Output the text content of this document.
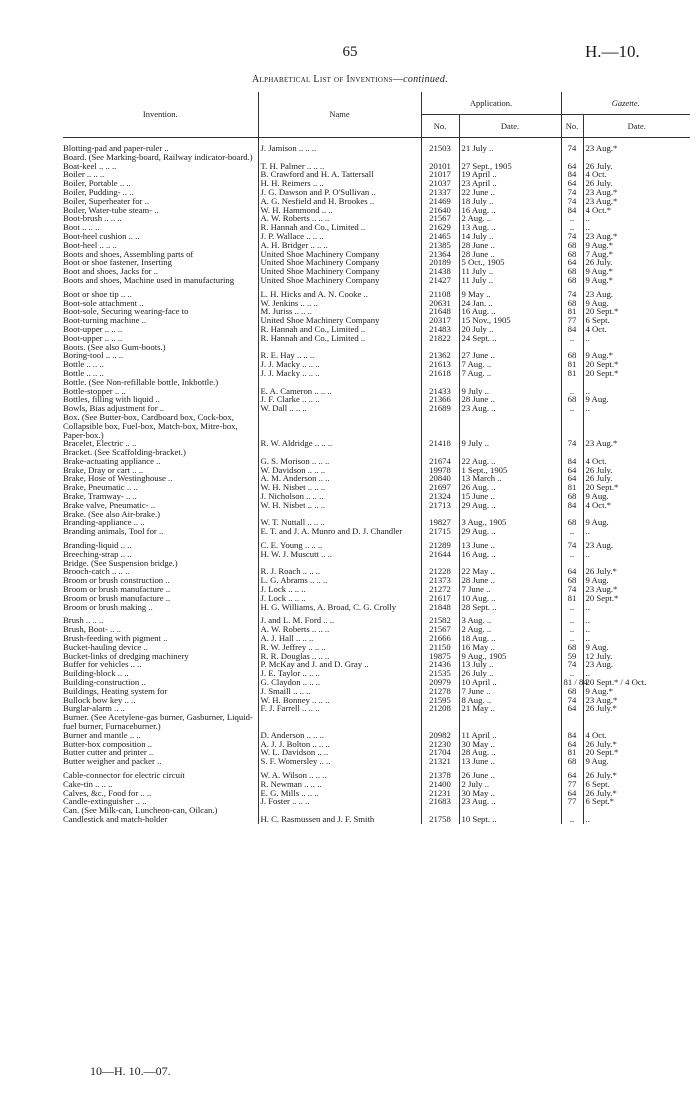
65	H.—10.
Alphabetical List of Inventions—continued.
Invention.	Name	Application.		Gazette.	
		No.	Date.	No.	Date.
Blotting-pad and paper-ruler ..	J. Jamison .. .. ..	21503	21 July ..	74	23 Aug.*
Board. (See Marking-board, Railway indicator-board.)					
Boat-keel .. .. ..	T. H. Palmer .. .. ..	20101	27 Sept., 1905	64	26 July.
Boiler .. .. ..	B. Crawford and H. A. Tattersall	21017	19 April ..	84	4 Oct.
Boiler, Portable .. ..	H. H. Reimers .. ..	21037	23 April ..	64	26 July.
Boiler, Pudding- .. ..	J. G. Dawson and P. O'Sullivan ..	21337	22 June ..	74	23 Aug.*
Boiler, Superheater for ..	A. G. Nesfield and H. Brookes ..	21469	18 July ..	74	23 Aug.*
Boiler, Water-tube steam- ..	W. H. Hammond .. ..	21640	16 Aug. ..	84	4 Oct.*
Boot-brush .. .. ..	A. W. Roberts .. .. ..	21567	2 Aug. ..	..	..
Boot .. .. ..	R. Hannah and Co., Limited ..	21629	13 Aug. ..	..	..
Boot-heel cushion .. ..	J. P. Wallace .. .. ..	21465	14 July ..	74	23 Aug.*
Boot-heel .. .. ..	A. H. Bridger .. .. ..	21385	28 June ..	68	9 Aug.*
Boots and shoes, Assembling parts of	United Shoe Machinery Company	21364	28 June ..	68	7 Aug.*
Boot or shoe fastener, Inserting	United Shoe Machinery Company	20189	5 Oct., 1905	64	26 July.
Boot and shoes, Jacks for ..	United Shoe Machinery Company	21438	11 July ..	68	9 Aug.*
Boots and shoes, Machine used in manufacturing	United Shoe Machinery Company	21427	11 July ..	68	9 Aug.*

Boot or shoe tip .. ..	L. H. Hicks and A. N. Cooke ..	21108	9 May ..	74	23 Aug.
Boot-sole attachment ..	W. Jenkins .. .. ..	20631	24 Jan. ..	68	9 Aug.
Boot-sole, Securing wearing-face to	M. Juriss .. .. ..	21648	16 Aug. ..	81	20 Sept.*
Boot-turning machine ..	United Shoe Machinery Company	20317	15 Nov., 1905	77	6 Sept.
Boot-upper .. .. ..	R. Hannah and Co., Limited ..	21483	20 July ..	84	4 Oct.
Boot-upper .. .. ..	R. Hannah and Co., Limited ..	21822	24 Sept. ..	..	..
Boots. (See also Gum-boots.)					
Boring-tool .. .. ..	R. E. Hay .. .. ..	21362	27 June ..	68	9 Aug.*
Bottle .. .. ..	J. J. Macky .. .. ..	21613	7 Aug. ..	81	20 Sept.*
Bottle .. .. ..	J. J. Macky .. .. ..	21618	7 Aug. ..	81	20 Sept.*
Bottle. (See Non-refillable bottle, Inkbottle.)					
Bottle-stopper .. ..	E. A. Cameron .. .. ..	21433	9 July ..	..	..
Bottles, filling with liquid ..	J. F. Clarke .. .. ..	21366	28 June ..	68	9 Aug.
Bowls, Bias adjustment for ..	W. Dall .. .. ..	21689	23 Aug. ..	..	..
Box. (See Butter-box, Cardboard box, Cock-box, Collapsible box, Fuel-box, Match-box, Mitre-box, Paper-box.)					
Bracelet, Electric .. ..	R. W. Aldridge .. .. ..	21418	9 July ..	74	23 Aug.*
Bracket. (See Scaffolding-bracket.)					
Brake-actuating appliance ..	G. S. Morison .. .. ..	21674	22 Aug. ..	84	4 Oct.
Brake, Dray or cart .. ..	W. Davidson .. .. ..	19978	1 Sept., 1905	64	26 July.
Brake, Hose of Westinghouse ..	A. M. Anderson .. ..	20840	13 March ..	64	26 July.
Brake, Pneumatic .. ..	W. H. Nisbet .. .. ..	21697	26 Aug. ..	81	20 Sept.*
Brake, Tramway- .. ..	J. Nicholson .. .. ..	21324	15 June ..	68	9 Aug.
Brake valve, Pneumatic- ..	W. H. Nisbet .. .. ..	21713	29 Aug. ..	84	4 Oct.*
Brake. (See also Air-brake.)					
Branding-appliance .. ..	W. T. Nuttall .. .. ..	19827	3 Aug., 1905	68	9 Aug.
Branding animals, Tool for ..	E. T. and J. A. Munro and D. J. Chandler	21715	29 Aug. ..	..	..

Branding-liquid .. ..	C. E. Young .. .. ..	21289	13 June ..	74	23 Aug.
Breeching-strap .. ..	H. W. J. Muscutt .. ..	21644	16 Aug. ..	..	..
Bridge. (See Suspension bridge.)					
Brooch-catch .. .. ..	R. J. Roach .. .. ..	21228	22 May ..	64	26 July.*
Broom or brush construction ..	L. G. Abrams .. .. ..	21373	28 June ..	68	9 Aug.
Broom or brush manufacture ..	J. Lock .. .. ..	21272	7 June ..	74	23 Aug.*
Broom or brush manufacture ..	J. Lock .. .. ..	21617	10 Aug. ..	81	20 Sept.*
Broom or brush making ..	H. G. Williams, A. Broad, C. G. Crolly	21848	28 Sept. ..	..	..

Brush .. .. ..	J. and L. M. Ford .. ..	21582	3 Aug. ..	..	..
Brush, Boot- .. ..	A. W. Roberts .. .. ..	21567	2 Aug. ..	..	..
Brush-feeding with pigment ..	A. J. Hall .. .. ..	21666	18 Aug. ..	..	..
Bucket-hauling device ..	R. W. Jeffrey .. .. ..	21150	16 May ..	68	9 Aug.
Bucket-links of dredging machinery	R. R. Douglas .. .. ..	19875	9 Aug., 1905	59	12 July.
Buffer for vehicles .. ..	P. McKay and J. and D. Gray ..	21436	13 July ..	74	23 Aug.
Building-block .. ..	J. E. Taylor .. .. ..	21535	26 July ..	..	..
Building-construction ..	G. Claydon .. .. ..	20979	10 April ..	81 / 84	20 Sept.* / 4 Oct.
Buildings, Heating system for	J. Smaill .. .. ..	21278	7 June ..	68	9 Aug.*
Bullock bow key .. ..	W. H. Bonney .. .. ..	21595	8 Aug. ..	74	23 Aug.*
Burglar-alarm .. ..	F. J. Farrell .. .. ..	21208	21 May ..	64	26 July.*
Burner. (See Acetylene-gas burner, Gasburner, Liquid-fuel burner, Furnaceburner.)					
Burner and mantle .. ..	D. Anderson .. .. ..	20982	11 April ..	84	4 Oct.
Butter-box composition ..	A. J. J. Bolton .. .. ..	21230	30 May ..	64	26 July.*
Butter cutter and printer ..	W. L. Davidson .. ..	21704	28 Aug. ..	81	20 Sept.*
Butter weigher and packer ..	S. F. Womersley .. ..	21321	13 June ..	68	9 Aug.

Cable-connector for electric circuit	W. A. Wilson .. .. ..	21378	26 June ..	64	26 July.*
Cake-tin .. .. ..	R. Newman .. .. ..	21400	2 July ..	77	6 Sept.
Calves, &c., Food for .. ..	E. G. Mills .. .. ..	21231	30 May ..	64	26 July.*
Candle-extinguisher .. ..	J. Foster .. .. ..	21683	23 Aug. ..	77	6 Sept.*
Can. (See Milk-can, Luncheon-can, Oilcan.)					
Candlestick and match-holder	H. C. Rasmussen and J. F. Smith	21758	10 Sept. ..	..	..
10—H. 10.—07.
